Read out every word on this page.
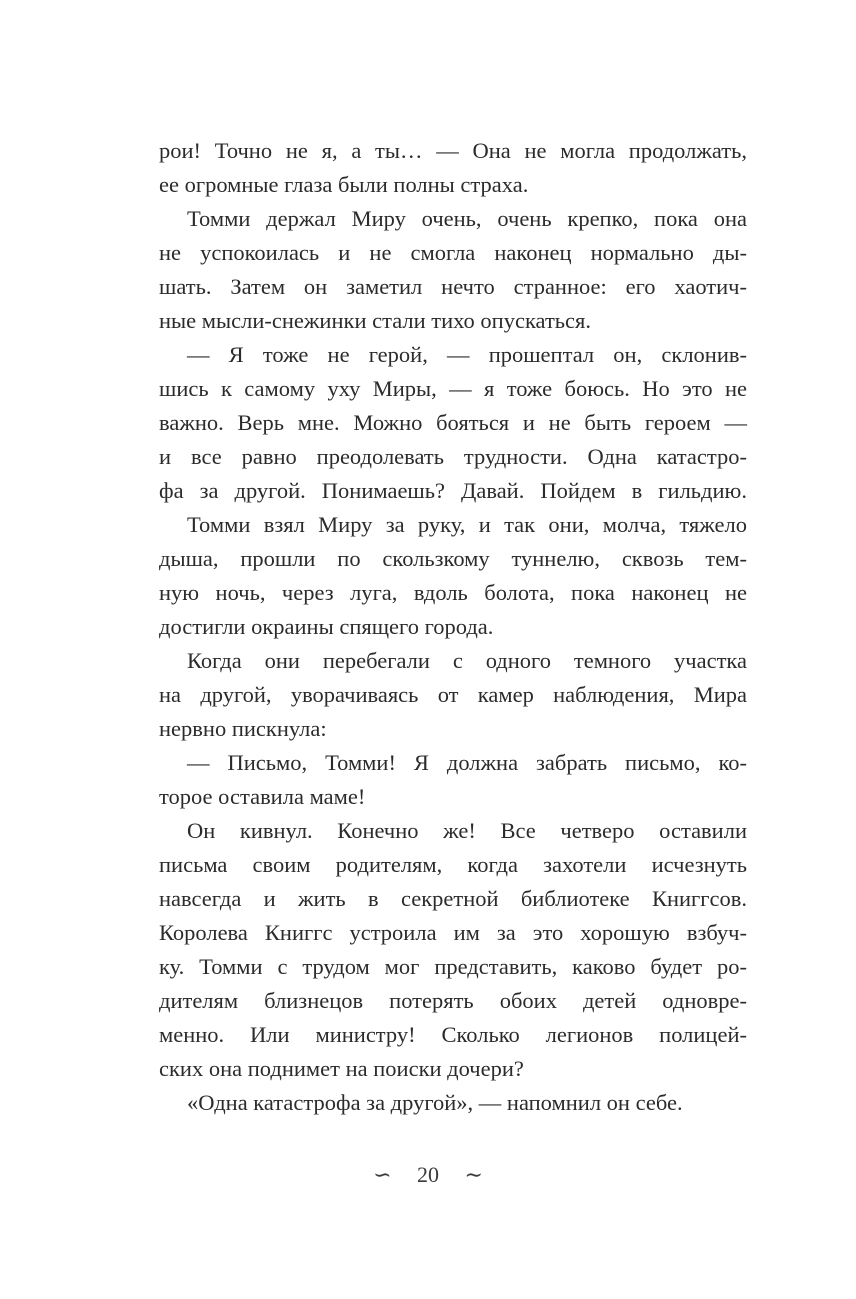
рои! Точно не я, а ты… — Она не могла продолжать,
ее огромные глаза были полны страха.
Томми держал Миру очень, очень крепко, пока она
не успокоилась и не смогла наконец нормально ды-
шать. Затем он заметил нечто странное: его хаотич-
ные мысли-снежинки стали тихо опускаться.
— Я тоже не герой, — прошептал он, склонив-
шись к самому уху Миры, — я тоже боюсь. Но это не
важно. Верь мне. Можно бояться и не быть героем —
и все равно преодолевать трудности. Одна катастро-
фа за другой. Понимаешь? Давай. Пойдем в гильдию.
Томми взял Миру за руку, и так они, молча, тяжело
дыша, прошли по скользкому туннелю, сквозь тем-
ную ночь, через луга, вдоль болота, пока наконец не
достигли окраины спящего города.
Когда они перебегали с одного темного участка
на другой, уворачиваясь от камер наблюдения, Мира
нервно пискнула:
— Письмо, Томми! Я должна забрать письмо, ко-
торое оставила маме!
Он кивнул. Конечно же! Все четверо оставили
письма своим родителям, когда захотели исчезнуть
навсегда и жить в секретной библиотеке Книггсов.
Королева Книггс устроила им за это хорошую взбуч-
ку. Томми с трудом мог представить, каково будет ро-
дителям близнецов потерять обоих детей одновре-
менно. Или министру! Сколько легионов полицей-
ских она поднимет на поиски дочери?
«Одна катастрофа за другой», — напомнил он себе.
∽ 20 ∼
